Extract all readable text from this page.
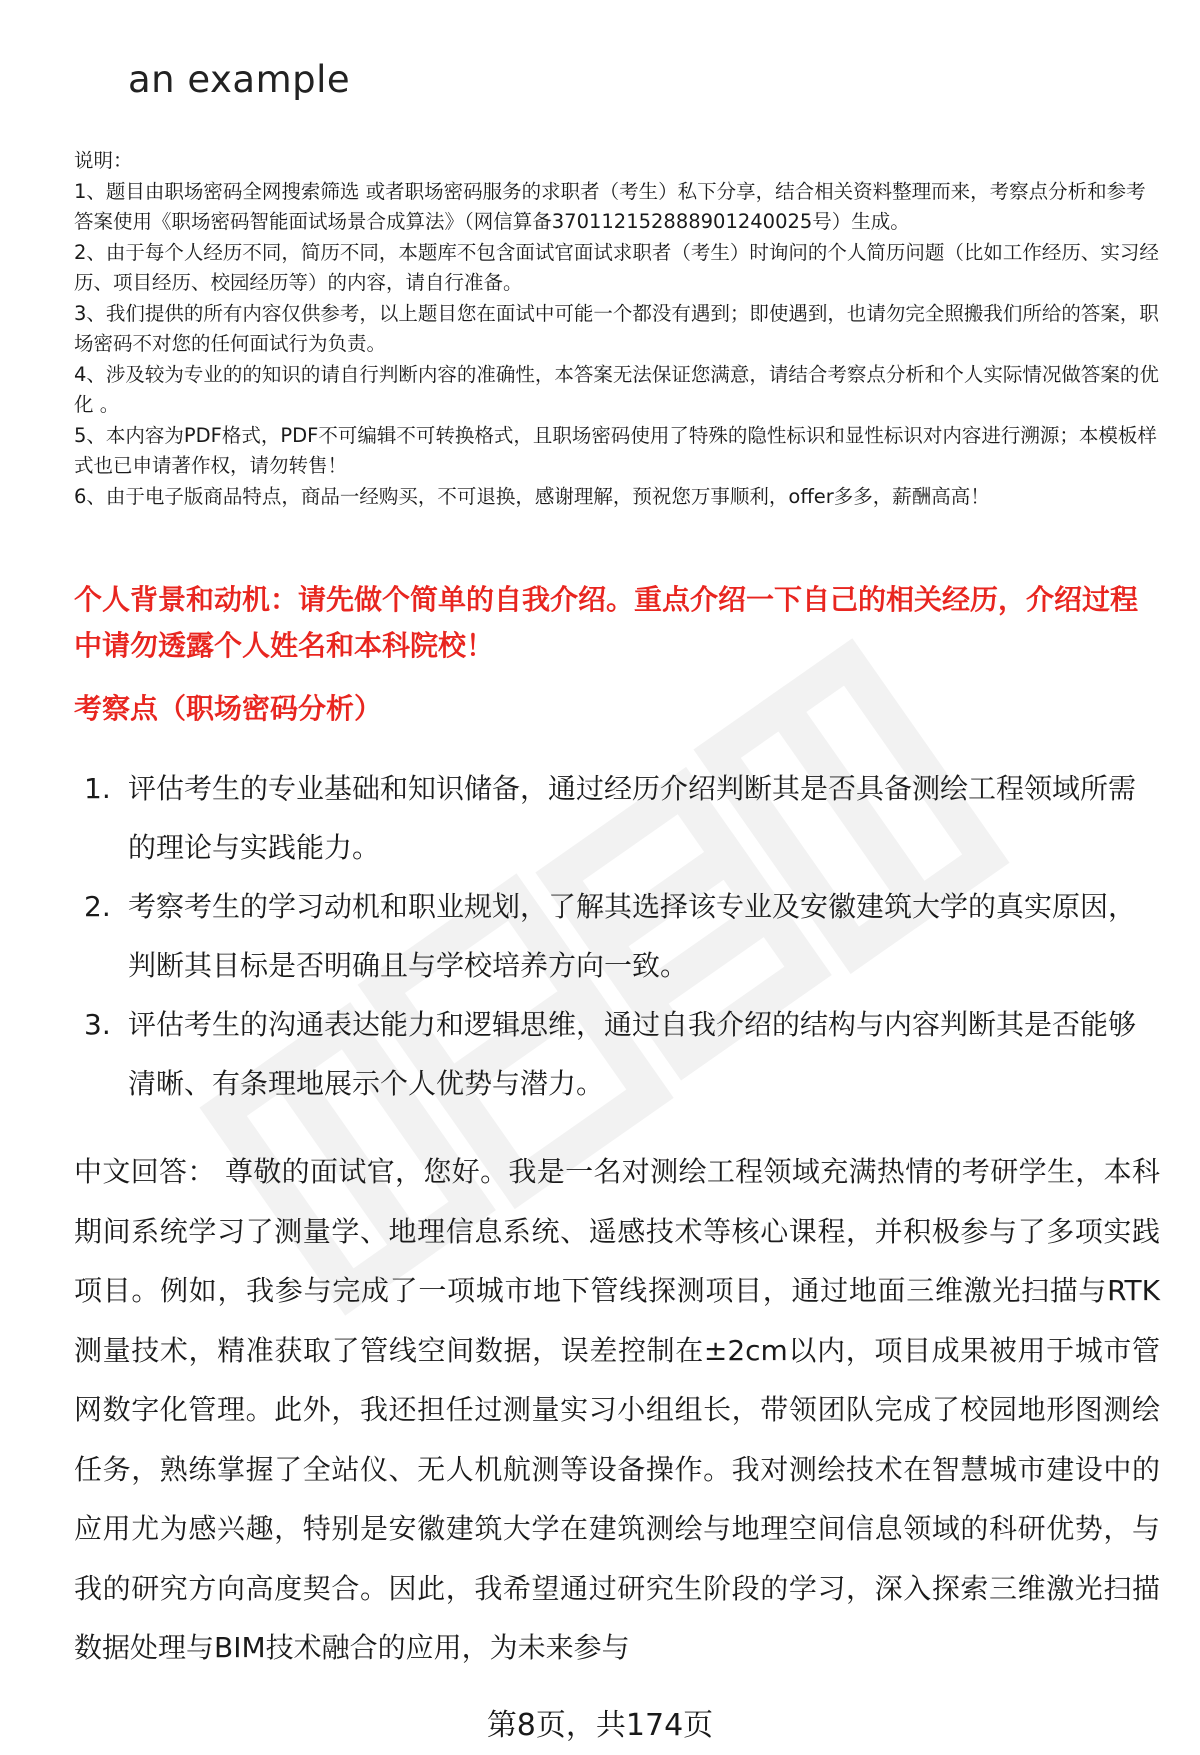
an example

说明：

1、题目由职场密码全网搜索筛选 或者职场密码服务的求职者（考生）私下分享，结合相关资料整理而来，考察点分析和参考答案使用《职场密码智能面试场景合成算法》（网信算备370112152888901240025号）生成。

2、由于每个人经历不同，简历不同，本题库不包含面试官面试求职者（考生）时询问的个人简历问题（比如工作经历、实习经历、项目经历、校园经历等）的内容，请自行准备。

3、我们提供的所有内容仅供参考，以上题目您在面试中可能一个都没有遇到；即使遇到，也请勿完全照搬我们所给的答案，职场密码不对您的任何面试行为负责。

4、涉及较为专业的的知识的请自行判断内容的准确性，本答案无法保证您满意，请结合考察点分析和个人实际情况做答案的优化 。

5、本内容为PDF格式，PDF不可编辑不可转换格式，且职场密码使用了特殊的隐性标识和显性标识对内容进行溯源；本模板样式也已申请著作权，请勿转售！

6、由于电子版商品特点，商品一经购买，不可退换，感谢理解，预祝您万事顺利，offer多多，薪酬高高！

个人背景和动机：请先做个简单的自我介绍。重点介绍一下自己的相关经历，介绍过程中请勿透露个人姓名和本科院校！
考察点（职场密码分析）
1. 评估考生的专业基础和知识储备，通过经历介绍判断其是否具备测绘工程领域所需的理论与实践能力。
2. 考察考生的学习动机和职业规划，了解其选择该专业及安徽建筑大学的真实原因，判断其目标是否明确且与学校培养方向一致。
3. 评估考生的沟通表达能力和逻辑思维，通过自我介绍的结构与内容判断其是否能够清晰、有条理地展示个人优势与潜力。
中文回答： 尊敬的面试官，您好。我是一名对测绘工程领域充满热情的考研学生，本科期间系统学习了测量学、地理信息系统、遥感技术等核心课程，并积极参与了多项实践项目。例如，我参与完成了一项城市地下管线探测项目，通过地面三维激光扫描与RTK测量技术，精准获取了管线空间数据，误差控制在±2cm以内，项目成果被用于城市管网数字化管理。此外，我还担任过测量实习小组组长，带领团队完成了校园地形图测绘任务，熟练掌握了全站仪、无人机航测等设备操作。我对测绘技术在智慧城市建设中的应用尤为感兴趣，特别是安徽建筑大学在建筑测绘与地理空间信息领域的科研优势，与我的研究方向高度契合。因此，我希望通过研究生阶段的学习，深入探索三维激光扫描数据处理与BIM技术融合的应用，为未来参与
第8页，共174页
